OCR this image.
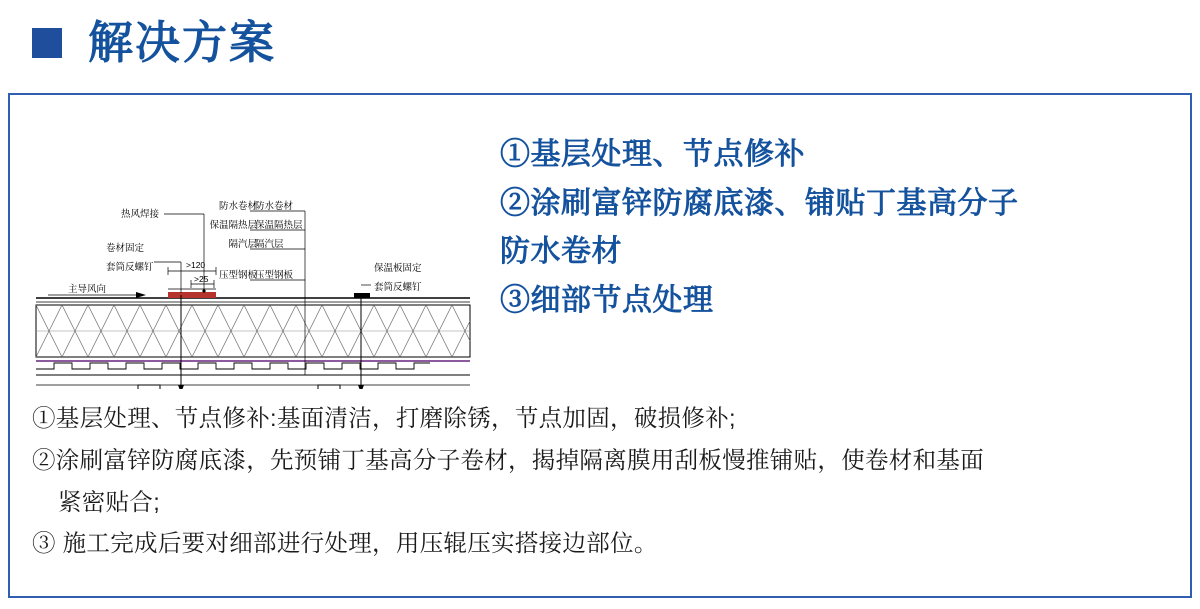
解决方案
>120
>25
防水卷材
保温隔热层
隔汽层
压型钢板
防水卷材
保温隔热层
隔汽层
压型钢板
热风焊接
卷材固定
套筒反螺钉	保温板固定
套筒反螺钉
主导风向
①基层处理、节点修补
②涂刷富锌防腐底漆、铺贴丁基高分子
防水卷材
③细部节点处理
①基层处理、节点修补:基面清洁，打磨除锈，节点加固，破损修补;
②涂刷富锌防腐底漆，先预铺丁基高分子卷材，揭掉隔离膜用刮板慢推铺贴，使卷材和基面
紧密贴合;
③ 施工完成后要对细部进行处理，用压辊压实搭接边部位。
